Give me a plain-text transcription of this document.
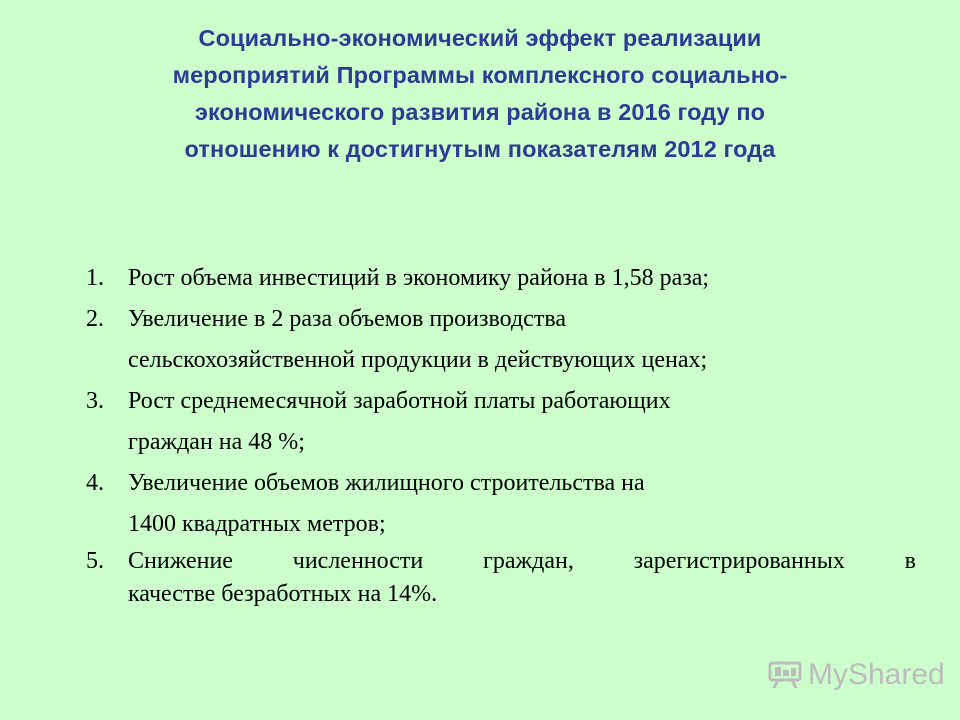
Социально-экономический эффект реализации
мероприятий Программы комплексного социально-
экономического развития района в 2016 году по
отношению к достигнутым показателям 2012 года
1. Рост объема инвестиций в экономику района в 1,58 раза;
2. Увеличение в 2 раза объемов производства
сельскохозяйственной продукции в действующих ценах;
3. Рост среднемесячной заработной платы работающих
граждан на 48 %;
4. Увеличение объемов жилищного строительства на
1400 квадратных метров;
5. Снижение численности граждан, зарегистрированных в
качестве безработных на 14%.
MyShared
